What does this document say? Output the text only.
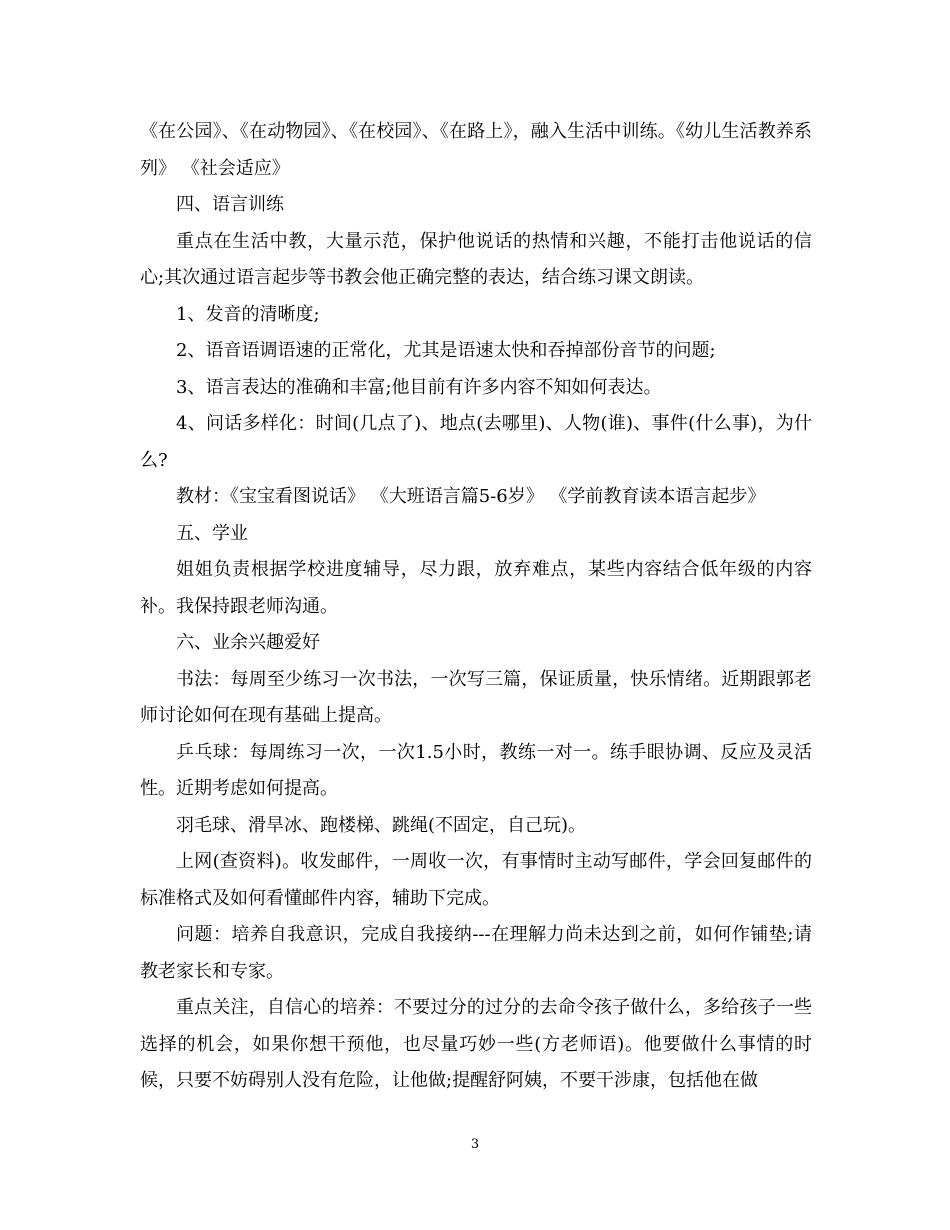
《在公园》、《在动物园》、《在校园》、《在路上》，融入生活中训练。《幼儿生活教养系列》 《社会适应》

四、语言训练

重点在生活中教，大量示范，保护他说话的热情和兴趣，不能打击他说话的信心;其次通过语言起步等书教会他正确完整的表达，结合练习课文朗读。

1、发音的清晰度;

2、语音语调语速的正常化，尤其是语速太快和吞掉部份音节的问题;

3、语言表达的准确和丰富;他目前有许多内容不知如何表达。

4、问话多样化：时间(几点了)、地点(去哪里)、人物(谁)、事件(什么事)，为什么?

教材：《宝宝看图说话》 《大班语言篇5-6岁》 《学前教育读本语言起步》

五、学业

姐姐负责根据学校进度辅导，尽力跟，放弃难点，某些内容结合低年级的内容补。我保持跟老师沟通。

六、业余兴趣爱好

书法：每周至少练习一次书法，一次写三篇，保证质量，快乐情绪。近期跟郭老师讨论如何在现有基础上提高。

乒乓球：每周练习一次，一次1.5小时，教练一对一。练手眼协调、反应及灵活性。近期考虑如何提高。

羽毛球、滑旱冰、跑楼梯、跳绳(不固定，自己玩)。

上网(查资料)。收发邮件，一周收一次，有事情时主动写邮件，学会回复邮件的标准格式及如何看懂邮件内容，辅助下完成。

问题：培养自我意识，完成自我接纳---在理解力尚未达到之前，如何作铺垫;请教老家长和专家。

重点关注，自信心的培养：不要过分的过分的去命令孩子做什么，多给孩子一些选择的机会，如果你想干预他，也尽量巧妙一些(方老师语)。他要做什么事情的时候，只要不妨碍别人没有危险，让他做;提醒舒阿姨，不要干涉康，包括他在做

3
